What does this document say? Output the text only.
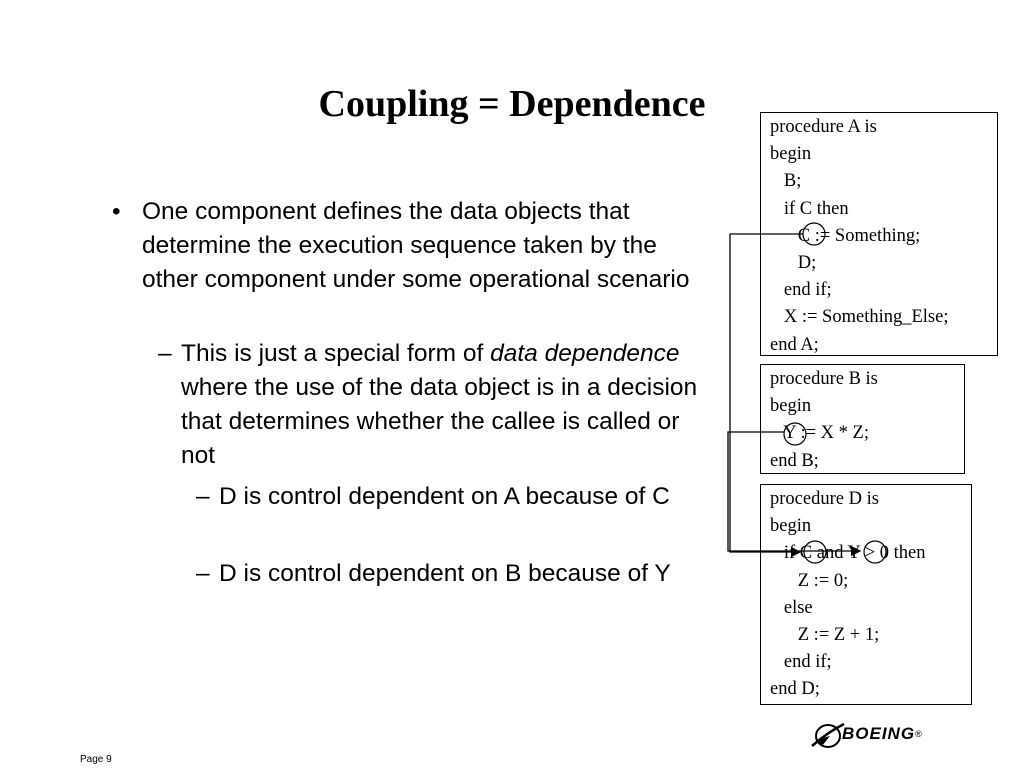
Coupling = Dependence
• One component defines the data objects that determine the execution sequence taken by the other component under some operational scenario
– This is just a special form of data dependence where the use of the data object is in a decision that determines whether the callee is called or not
– D is control dependent on A because of C
– D is control dependent on B because of Y
procedure A is
begin
B;
if C then
C := Something;
D;
end if;
X := Something_Else;
end A;
procedure B is
begin
Y := X * Z;
end B;
procedure D is
begin
if C and Y > 0 then
Z := 0;
else
Z := Z + 1;
end if;
end D;
BOEING®
Page 9
